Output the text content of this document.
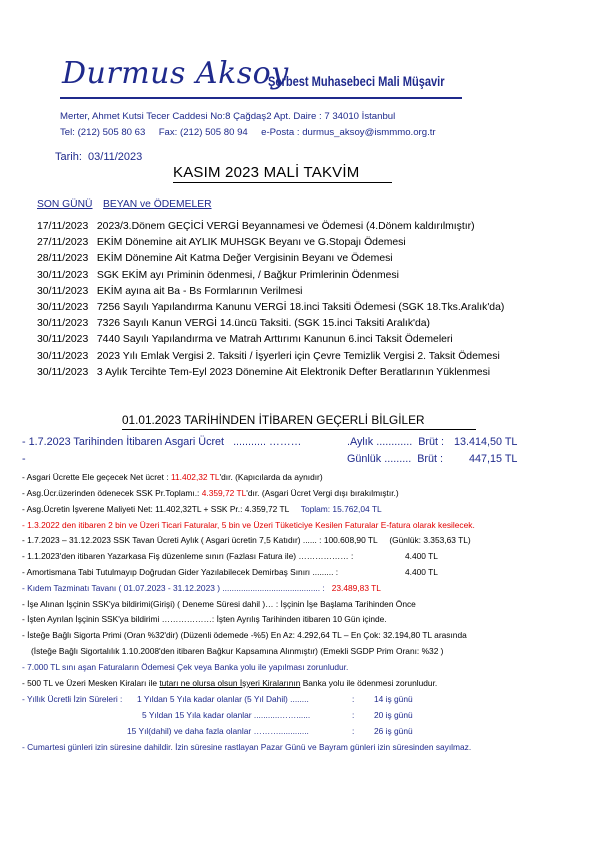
Durmus Aksoy
Serbest Muhasebeci Mali Müşavir
Merter, Ahmet Kutsi Tecer Caddesi No:8 Çağdaş2 Apt. Daire : 7 34010 İstanbul
Tel: (212) 505 80 63 Fax: (212) 505 80 94 e-Posta : durmus_aksoy@ismmmo.org.tr
Tarih: 03/11/2023
KASIM 2023 MALİ TAKVİM
SON GÜNÜ BEYAN ve ÖDEMELER
17/11/2023 2023/3.Dönem GEÇİCİ VERGİ Beyannamesi ve Ödemesi (4.Dönem kaldırılmıştır)
27/11/2023 EKİM Dönemine ait AYLIK MUHSGK Beyanı ve G.Stopajı Ödemesi
28/11/2023 EKİM Dönemine Ait Katma Değer Vergisinin Beyanı ve Ödemesi
30/11/2023 SGK EKİM ayı Priminin ödenmesi, / Bağkur Primlerinin Ödenmesi
30/11/2023 EKİM ayına ait Ba - Bs Formlarının Verilmesi
30/11/2023 7256 Sayılı Yapılandırma Kanunu VERGİ 18.inci Taksiti Ödemesi (SGK 18.Tks.Aralık'da)
30/11/2023 7326 Sayılı Kanun VERGİ 14.üncü Taksiti. (SGK 15.inci Taksiti Aralık'da)
30/11/2023 7440 Sayılı Yapılandırma ve Matrah Arttırımı Kanunun 6.inci Taksit Ödemeleri
30/11/2023 2023 Yılı Emlak Vergisi 2. Taksiti / İşyerleri için Çevre Temizlik Vergisi 2. Taksit Ödemesi
30/11/2023 3 Aylık Tercihte Tem-Eyl 2023 Dönemine Ait Elektronik Defter Beratlarının Yüklenmesi
01.01.2023 TARİHİNDEN İTİBAREN GEÇERLİ BİLGİLER
- 1.7.2023 Tarihinden İtibaren Asgari Ücret ........... ………	.Aylık ............ Brüt : 13.414,50 TL
-	Günlük ......... Brüt : 447,15 TL
- Asgari Ücrette Ele geçecek Net ücret : 11.402,32 TL'dır. (Kapıcılarda da aynıdır)
- Asg.Ücr.üzerinden ödenecek SSK Pr.Toplamı.: 4.359,72 TL'dır. (Asgari Ücret Vergi dışı bırakılmıştır.)
- Asg.Ücretin İşverene Maliyeti Net: 11.402,32TL + SSK Pr.: 4.359,72 TL Toplam: 15.762,04 TL
- 1.3.2022 den itibaren 2 bin ve Üzeri Ticari Faturalar, 5 bin ve Üzeri Tüketiciye Kesilen Faturalar E-fatura olarak kesilecek.
- 1.7.2023 – 31.12.2023 SSK Tavan Ücreti Aylık ( Asgari ücretin 7,5 Katıdır) ...... : 100.608,90 TL (Günlük: 3.353,63 TL)
- 1.1.2023'den itibaren Yazarkasa Fiş düzenleme sınırı (Fazlası Fatura ile) ……………… :	4.400 TL
- Amortismana Tabi Tutulmayıp Doğrudan Gider Yazılabilecek Demirbaş Sınırı ......... :	4.400 TL
- Kıdem Tazminatı Tavanı ( 01.07.2023 - 31.12.2023 ) .......................................... : 23.489,83 TL
- İşe Alınan İşçinin SSK'ya bildirimi(Girişi) ( Deneme Süresi dahil )… : İşçinin İşe Başlama Tarihinden Önce
- İşten Ayrılan İşçinin SSK'ya bildirimi ………………: İşten Ayrılış Tarihinden itibaren 10 Gün içinde.
- İsteğe Bağlı Sigorta Primi (Oran %32'dir) (Düzenli ödemede -%5) En Az: 4.292,64 TL – En Çok: 32.194,80 TL arasında
(İsteğe Bağlı Sigortalılık 1.10.2008'den itibaren Bağkur Kapsamına Alınmıştır) (Emekli SGDP Prim Oranı: %32 )
- 7.000 TL sını aşan Faturaların Ödemesi Çek veya Banka yolu ile yapılması zorunludur.
- 500 TL ve Üzeri Mesken Kiraları ile tutarı ne olursa olsun İşyeri Kiralarının Banka yolu ile ödenmesi zorunludur.
- Yıllık Ücretli İzin Süreleri : 1 Yıldan 5 Yıla kadar olanlar (5 Yıl Dahil) ........	: 14 iş günü
5 Yıldan 15 Yıla kadar olanlar ...........……......	: 20 iş günü
15 Yıl(dahil) ve daha fazla olanlar ……….............	: 26 iş günü
- Cumartesi günleri izin süresine dahildir. İzin süresine rastlayan Pazar Günü ve Bayram günleri izin süresinden sayılmaz.
